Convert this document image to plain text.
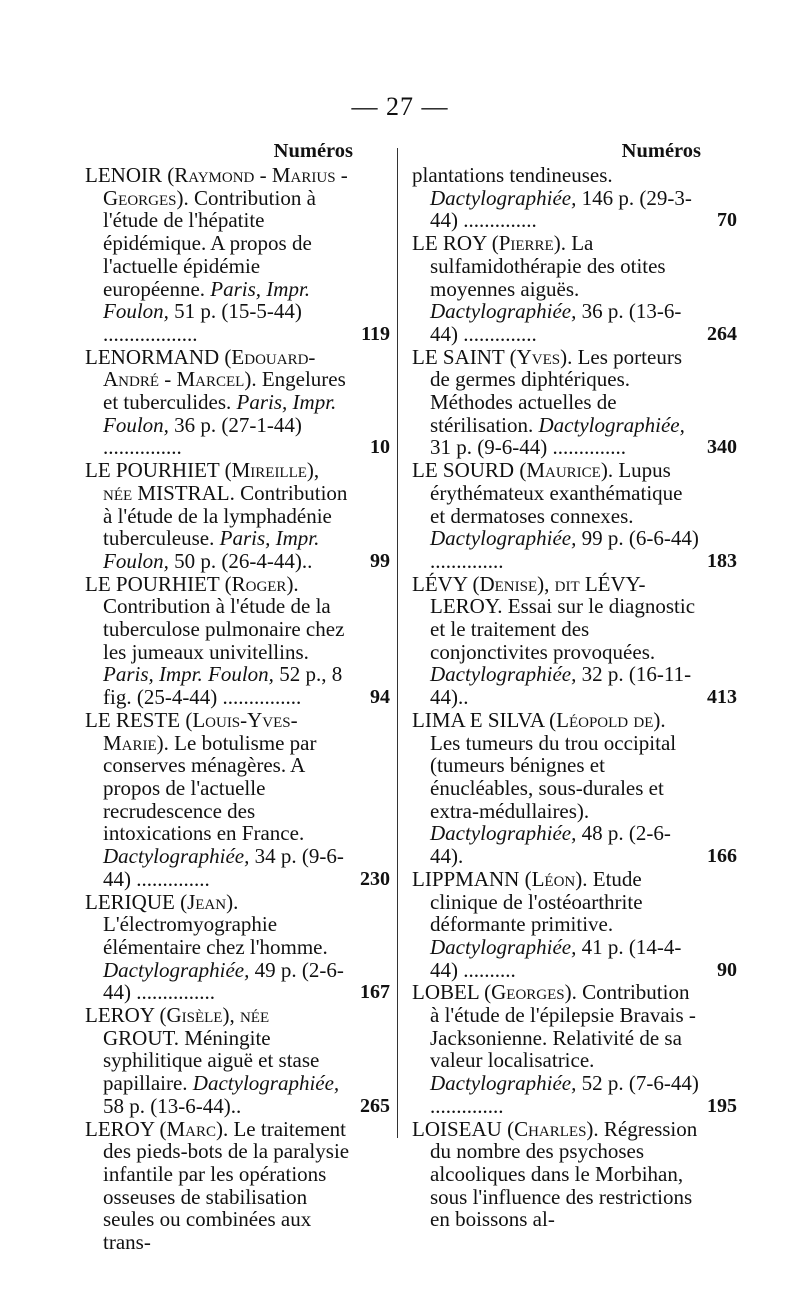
— 27 —
Numéros
LENOIR (Raymond - Marius - Georges). Contribution à l'étude de l'hépatite épidémique. A propos de l'actuelle épidémie européenne. Paris, Impr. Foulon, 51 p. (15-5-44) ..................	119
LENORMAND (Edouard-André - Marcel). Engelures et tuberculides. Paris, Impr. Foulon, 36 p. (27-1-44) ...............	10
LE POURHIET (Mireille), née MISTRAL. Contribution à l'étude de la lymphadénie tuberculeuse. Paris, Impr. Foulon, 50 p. (26-4-44)..	99
LE POURHIET (Roger). Contribution à l'étude de la tuberculose pulmonaire chez les jumeaux univitellins. Paris, Impr. Foulon, 52 p., 8 fig. (25-4-44) ...............	94
LE RESTE (Louis-Yves-Marie). Le botulisme par conserves ménagères. A propos de l'actuelle recrudescence des intoxications en France. Dactylographiée, 34 p. (9-6-44) ..............	230
LERIQUE (Jean). L'électromyographie élémentaire chez l'homme. Dactylographiée, 49 p. (2-6-44) ...............	167
LEROY (Gisèle), née GROUT. Méningite syphilitique aiguë et stase papillaire. Dactylographiée, 58 p. (13-6-44)..	265
LEROY (Marc). Le traitement des pieds-bots de la paralysie infantile par les opérations osseuses de stabilisation seules ou combinées aux trans-
Numéros
plantations tendineuses. Dactylographiée, 146 p. (29-3-44) ..............	70
LE ROY (Pierre). La sulfamidothérapie des otites moyennes aiguës. Dactylographiée, 36 p. (13-6-44) ..............	264
LE SAINT (Yves). Les porteurs de germes diphtériques. Méthodes actuelles de stérilisation. Dactylographiée, 31 p. (9-6-44) ..............	340
LE SOURD (Maurice). Lupus érythémateux exanthématique et dermatoses connexes. Dactylographiée, 99 p. (6-6-44) ..............	183
LÉVY (Denise), dit LÉVY-LEROY. Essai sur le diagnostic et le traitement des conjonctivites provoquées. Dactylographiée, 32 p. (16-11-44)..	413
LIMA E SILVA (Léopold de). Les tumeurs du trou occipital (tumeurs bénignes et énucléables, sous-durales et extra-médullaires). Dactylographiée, 48 p. (2-6-44).	166
LIPPMANN (Léon). Etude clinique de l'ostéoarthrite déformante primitive. Dactylographiée, 41 p. (14-4-44) ..........	90
LOBEL (Georges). Contribution à l'étude de l'épilepsie Bravais - Jacksonienne. Relativité de sa valeur localisatrice. Dactylographiée, 52 p. (7-6-44) ..............	195
LOISEAU (Charles). Régression du nombre des psychoses alcooliques dans le Morbihan, sous l'influence des restrictions en boissons al-
